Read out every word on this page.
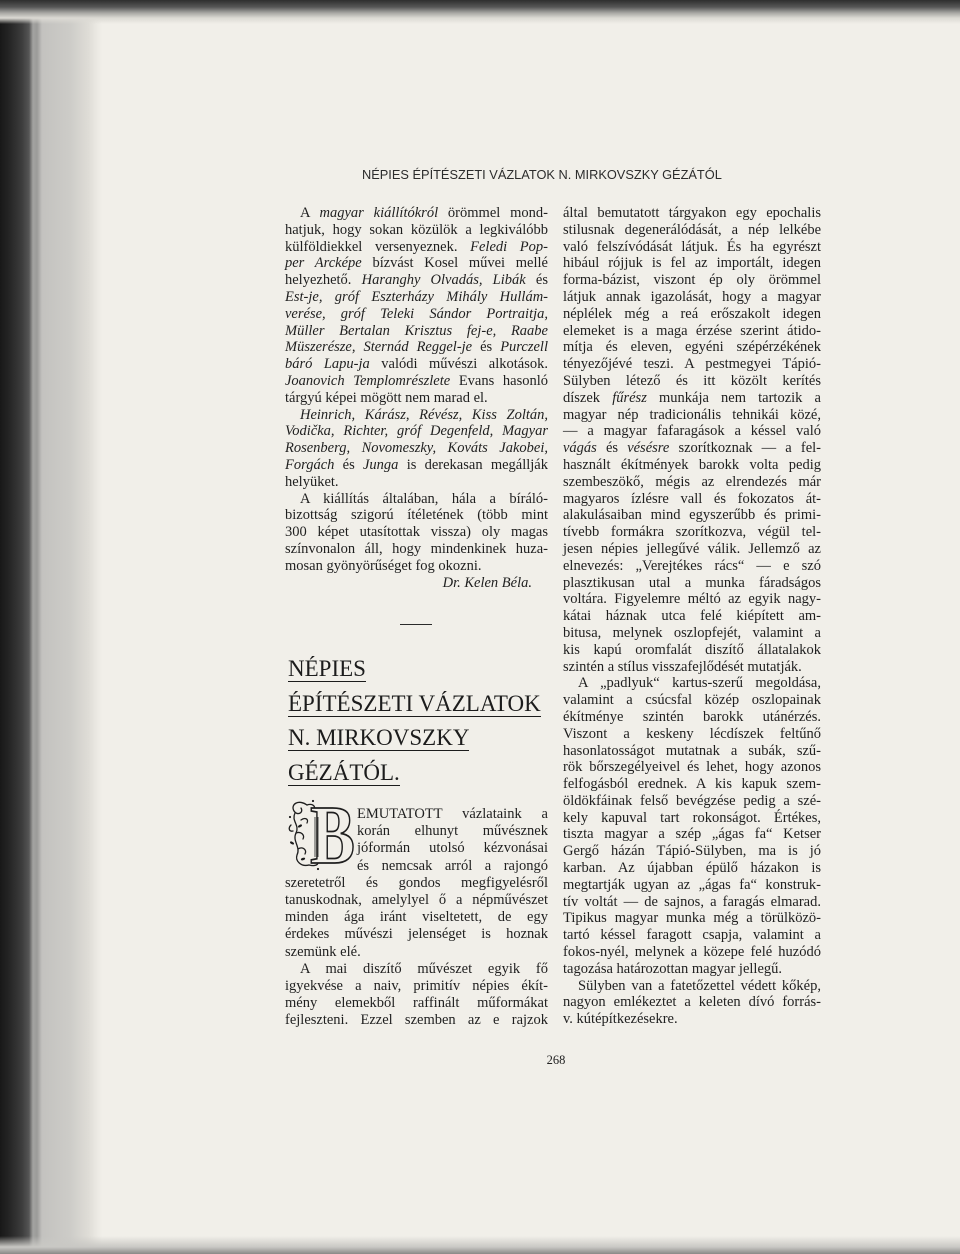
NÉPIES ÉPÍTÉSZETI VÁZLATOK N. MIRKOVSZKY GÉZÁTÓL
A magyar kiállítókról örömmel mond-
hatjuk, hogy sokan közülök a legkiválóbb
külföldiekkel versenyeznek. Feledi Pop-
per Arcképe bízvást Kosel művei mellé
helyezhető. Haranghy Olvadás, Libák és
Est-je, gróf Eszterházy Mihály Hullám-
verése, gróf Teleki Sándor Portraitja,
Müller Bertalan Krisztus fej-e, Raabe
Müszerésze, Sternád Reggel-je és Purczell
báró Lapu-ja valódi művészi alkotások.
Joanovich Templomrészlete Evans hasonló
tárgyú képei mögött nem marad el.
Heinrich, Kárász, Révész, Kiss Zoltán,
Vodička, Richter, gróf Degenfeld, Magyar
Rosenberg, Novomeszky, Kováts Jakobei,
Forgách és Junga is derekasan megállják
helyüket.
A kiállítás általában, hála a bíráló-
bizottság szigorú ítéletének (több mint
300 képet utasítottak vissza) oly magas
színvonalon áll, hogy mindenkinek huza-
mosan gyönyörűséget fog okozni.
Dr. Kelen Béla.
NÉPIES
ÉPÍTÉSZETI VÁZLATOK
N. MIRKOVSZKY
GÉZÁTÓL.
B EMUTATOTT vázlataink a
korán elhunyt művésznek
jóformán utolsó kézvonásai
és nemcsak arról a rajongó
szeretetről és gondos megfigyelésről
tanuskodnak, amelylyel ő a népművészet
minden ága iránt viseltetett, de egy
érdekes művészi jelenséget is hoznak
szemünk elé.
A mai diszítő művészet egyik fő
igyekvése a naiv, primitív népies ékít-
mény elemekből raffinált műformákat
fejleszteni. Ezzel szemben az e rajzok
által bemutatott tárgyakon egy epochalis
stilusnak degenerálódását, a nép lelkébe
való felszívódását látjuk. És ha egyrészt
hibául rójjuk is fel az importált, idegen
forma-bázist, viszont ép oly örömmel
látjuk annak igazolását, hogy a magyar
néplélek még a reá erőszakolt idegen
elemeket is a maga érzése szerint átido-
mítja és eleven, egyéni szépérzékének
tényezőjévé teszi. A pestmegyei Tápió-
Sülyben létező és itt közölt kerítés
díszek fűrész munkája nem tartozik a
magyar nép tradicionális tehnikái közé,
— a magyar fafaragások a késsel való
vágás és vésésre szorítkoznak — a fel-
használt ékítmények barokk volta pedig
szembeszökő, mégis az elrendezés már
magyaros ízlésre vall és fokozatos át-
alakulásaiban mind egyszerűbb és primi-
tívebb formákra szorítkozva, végül tel-
jesen népies jellegűvé válik. Jellemző az
elnevezés: „Verejtékes rács“ — e szó
plasztikusan utal a munka fáradságos
voltára. Figyelemre méltó az egyik nagy-
kátai háznak utca felé kiépített am-
bitusa, melynek oszlopfejét, valamint a
kis kapú oromfalát diszítő állatalakok
szintén a stílus visszafejlődését mutatják.
A „padlyuk“ kartus-szerű megoldása,
valamint a csúcsfal közép oszlopainak
ékítménye szintén barokk utánérzés.
Viszont a keskeny lécdíszek feltűnő
hasonlatosságot mutatnak a subák, szű-
rök bőrszegélyeivel és lehet, hogy azonos
felfogásból erednek. A kis kapuk szem-
öldökfáinak felső bevégzése pedig a szé-
kely kapuval tart rokonságot. Értékes,
tiszta magyar a szép „ágas fa“ Ketser
Gergő házán Tápió-Sülyben, ma is jó
karban. Az újabban épülő házakon is
megtartják ugyan az „ágas fa“ konstruk-
tív voltát — de sajnos, a faragás elmarad.
Tipikus magyar munka még a törülközö-
tartó késsel faragott csapja, valamint a
fokos-nyél, melynek a közepe felé huzódó
tagozása határozottan magyar jellegű.
Sülyben van a fatetőzettel védett kőkép,
nagyon emlékeztet a keleten dívó forrás-
v. kútépítkezésekre.
268
